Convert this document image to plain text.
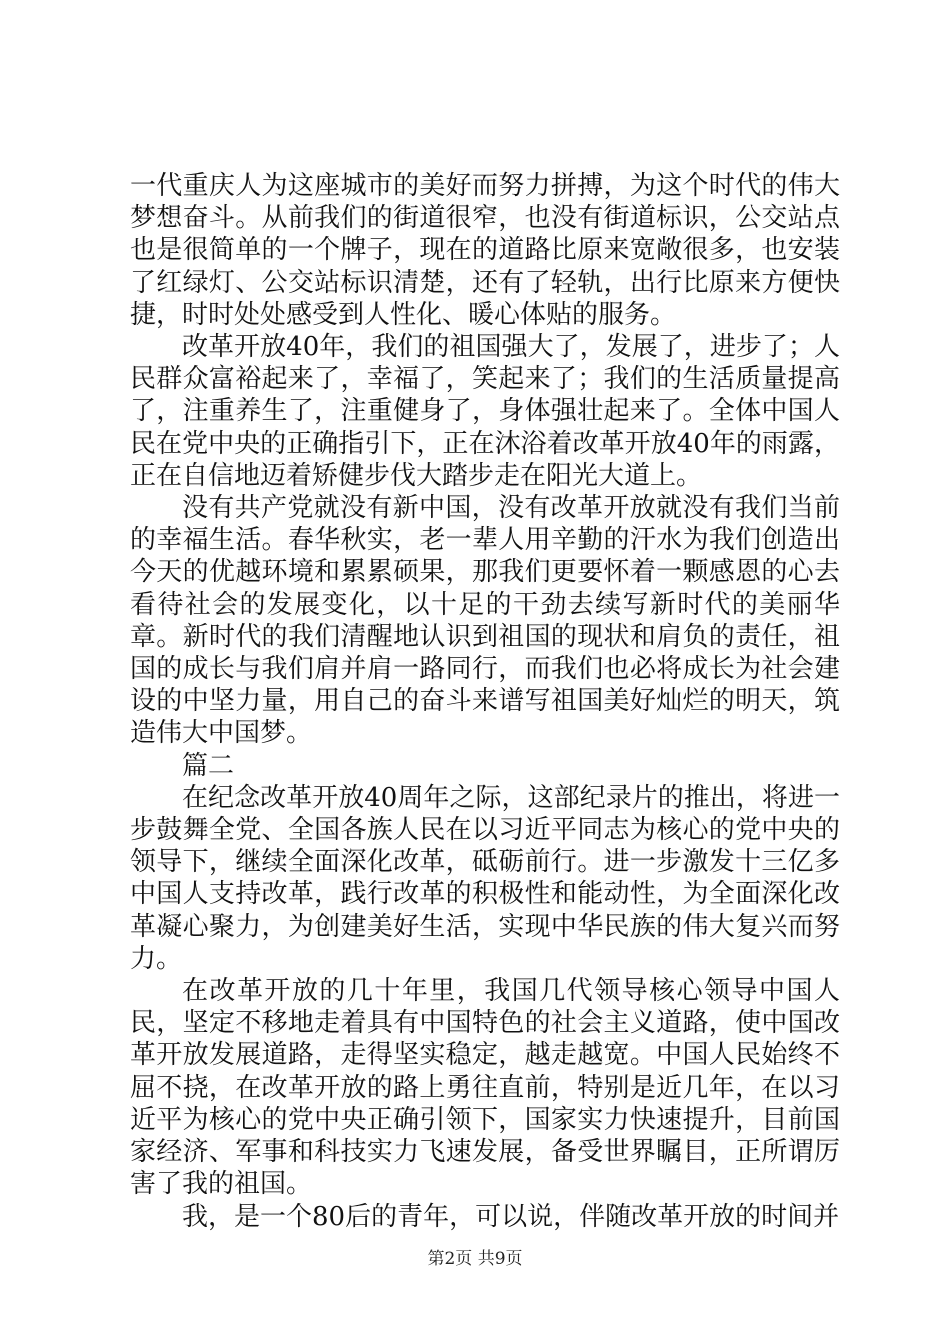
一代重庆人为这座城市的美好而努力拼搏，为这个时代的伟大梦想奋斗。从前我们的街道很窄，也没有街道标识，公交站点也是很简单的一个牌子，现在的道路比原来宽敞很多，也安装了红绿灯、公交站标识清楚，还有了轻轨，出行比原来方便快捷，时时处处感受到人性化、暖心体贴的服务。

改革开放40年，我们的祖国强大了，发展了，进步了；人民群众富裕起来了，幸福了，笑起来了；我们的生活质量提高了，注重养生了，注重健身了，身体强壮起来了。全体中国人民在党中央的正确指引下，正在沐浴着改革开放40年的雨露，正在自信地迈着矫健步伐大踏步走在阳光大道上。

没有共产党就没有新中国，没有改革开放就没有我们当前的幸福生活。春华秋实，老一辈人用辛勤的汗水为我们创造出今天的优越环境和累累硕果，那我们更要怀着一颗感恩的心去看待社会的发展变化，以十足的干劲去续写新时代的美丽华章。新时代的我们清醒地认识到祖国的现状和肩负的责任，祖国的成长与我们肩并肩一路同行，而我们也必将成长为社会建设的中坚力量，用自己的奋斗来谱写祖国美好灿烂的明天，筑造伟大中国梦。

篇二

在纪念改革开放40周年之际，这部纪录片的推出，将进一步鼓舞全党、全国各族人民在以习近平同志为核心的党中央的领导下，继续全面深化改革，砥砺前行。进一步激发十三亿多中国人支持改革，践行改革的积极性和能动性，为全面深化改革凝心聚力，为创建美好生活，实现中华民族的伟大复兴而努力。

在改革开放的几十年里，我国几代领导核心领导中国人民，坚定不移地走着具有中国特色的社会主义道路，使中国改革开放发展道路，走得坚实稳定，越走越宽。中国人民始终不屈不挠，在改革开放的路上勇往直前，特别是近几年，在以习近平为核心的党中央正确引领下，国家实力快速提升，目前国家经济、军事和科技实力飞速发展，备受世界瞩目，正所谓厉害了我的祖国。

我，是一个80后的青年，可以说，伴随改革开放的时间并

第2页 共9页
